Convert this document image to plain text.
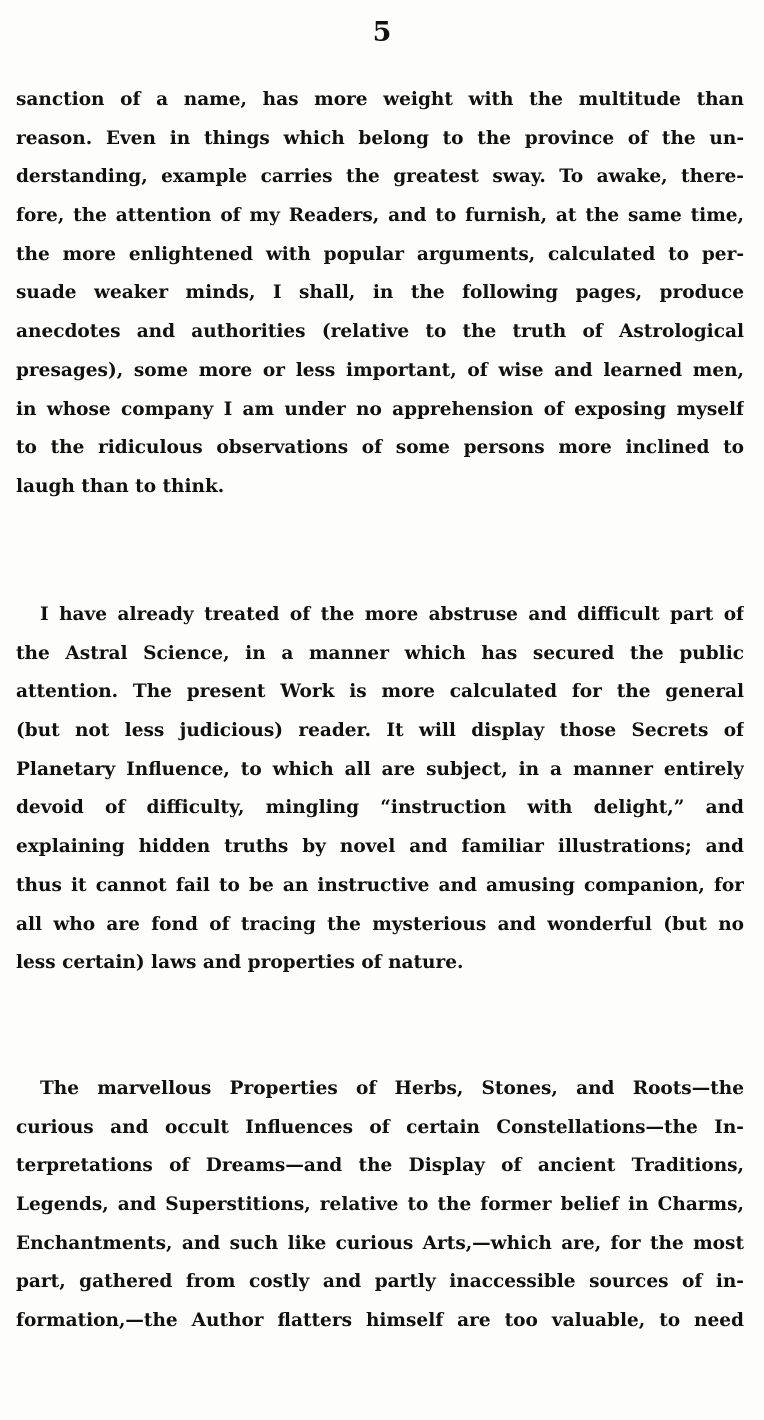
5
sanction of a name, has more weight with the multitude than
reason. Even in things which belong to the province of the un-
derstanding, example carries the greatest sway. To awake, there-
fore, the attention of my Readers, and to furnish, at the same time,
the more enlightened with popular arguments, calculated to per-
suade weaker minds, I shall, in the following pages, produce
anecdotes and authorities (relative to the truth of Astrological
presages), some more or less important, of wise and learned men,
in whose company I am under no apprehension of exposing myself
to the ridiculous observations of some persons more inclined to
laugh than to think.
I have already treated of the more abstruse and difficult part of
the Astral Science, in a manner which has secured the public
attention. The present Work is more calculated for the general
(but not less judicious) reader. It will display those Secrets of
Planetary Influence, to which all are subject, in a manner entirely
devoid of difficulty, mingling “instruction with delight,” and
explaining hidden truths by novel and familiar illustrations; and
thus it cannot fail to be an instructive and amusing companion, for
all who are fond of tracing the mysterious and wonderful (but no
less certain) laws and properties of nature.
The marvellous Properties of Herbs, Stones, and Roots—the
curious and occult Influences of certain Constellations—the In-
terpretations of Dreams—and the Display of ancient Traditions,
Legends, and Superstitions, relative to the former belief in Charms,
Enchantments, and such like curious Arts,—which are, for the most
part, gathered from costly and partly inaccessible sources of in-
formation,—the Author flatters himself are too valuable, to need
